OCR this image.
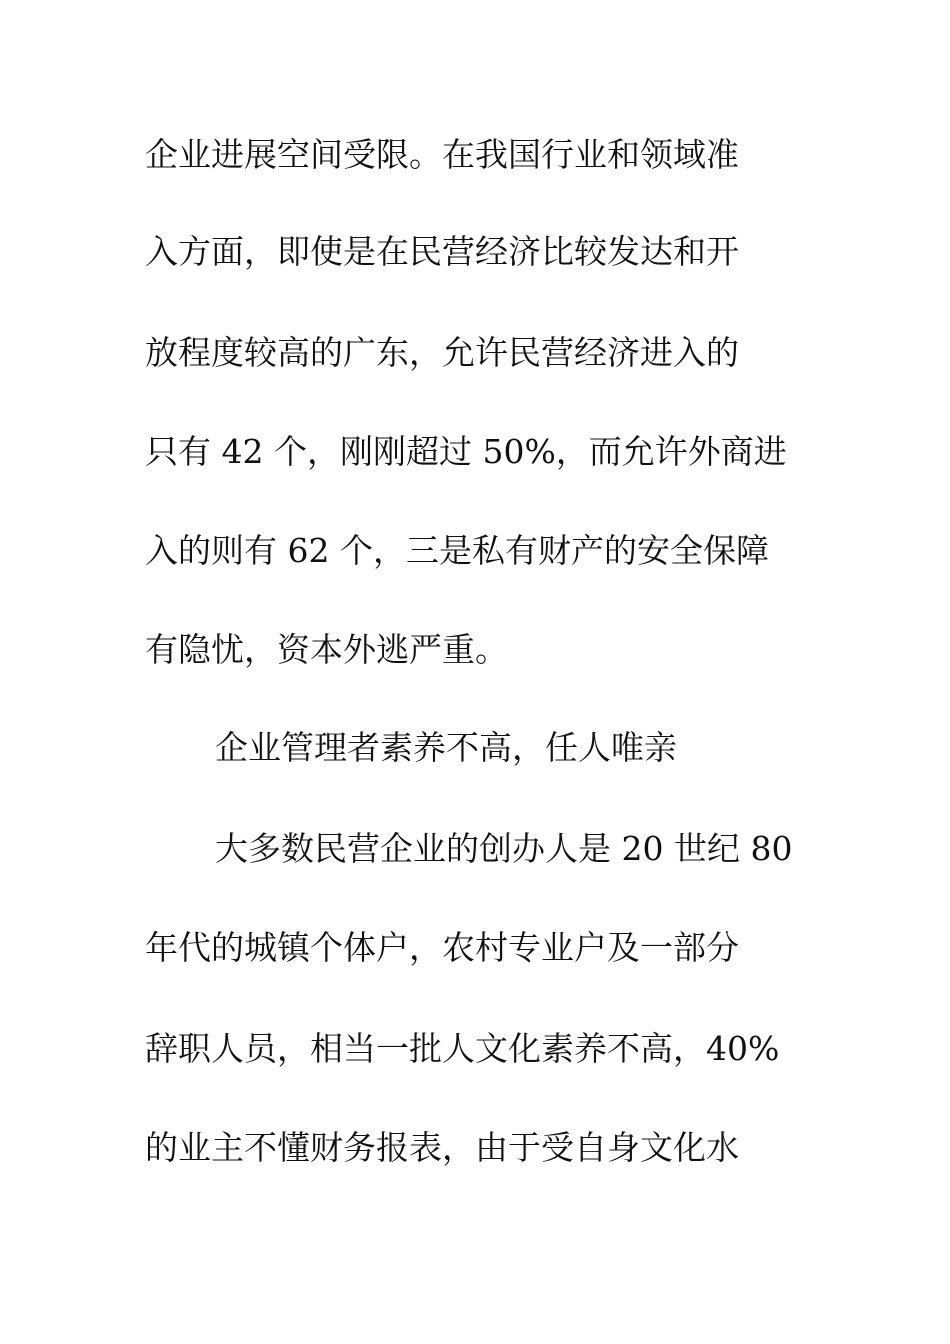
企业进展空间受限。在我国行业和领域准
入方面，即使是在民营经济比较发达和开
放程度较高的广东，允许民营经济进入的
只有 42 个，刚刚超过 50%，而允许外商进
入的则有 62 个，三是私有财产的安全保障
有隐忧，资本外逃严重。
企业管理者素养不高，任人唯亲
大多数民营企业的创办人是 20 世纪 80
年代的城镇个体户，农村专业户及一部分
辞职人员，相当一批人文化素养不高，40%
的业主不懂财务报表，由于受自身文化水
